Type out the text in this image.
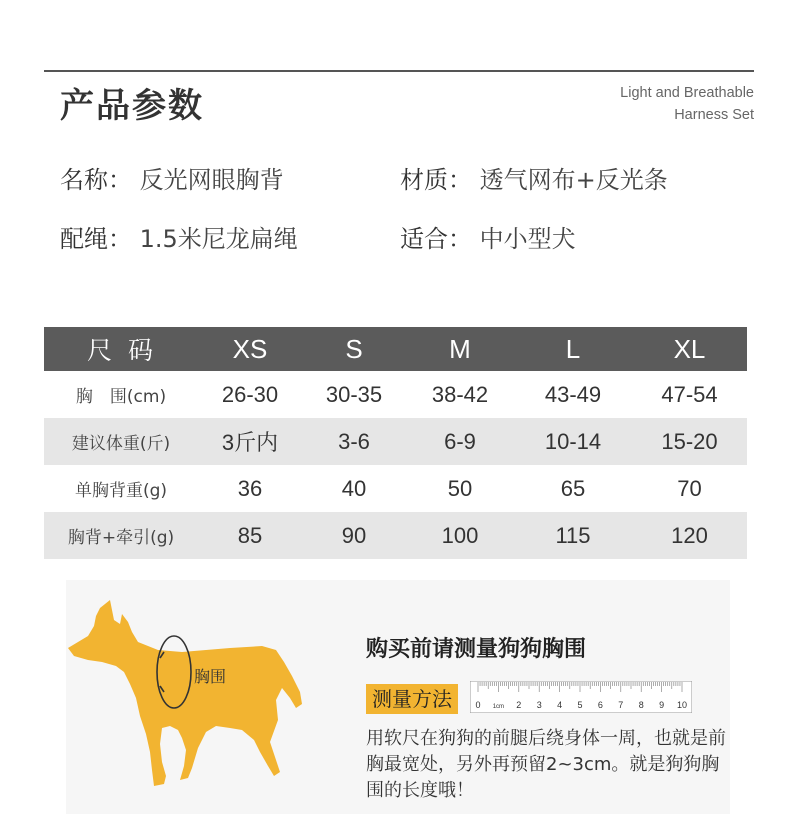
产品参数	Light and Breathable
Harness Set
名称： 反光网眼胸背	材质： 透气网布+反光条
配绳： 1.5米尼龙扁绳	适合： 中小型犬
尺码	XS	S	M	L	XL
胸　围(cm)	26-30	30-35	38-42	43-49	47-54
建议体重(斤)	3斤内	3-6	6-9	10-14	15-20
单胸背重(g)	36	40	50	65	70
胸背+牵引(g)	85	90	100	115	120
胸围
购买前请测量狗狗胸围
测量方法	0 1cm 2 3 4 5 6 7 8 9 10
用软尺在狗狗的前腿后绕身体一周，也就是前胸最宽处，另外再预留2~3cm。就是狗狗胸围的长度哦！
